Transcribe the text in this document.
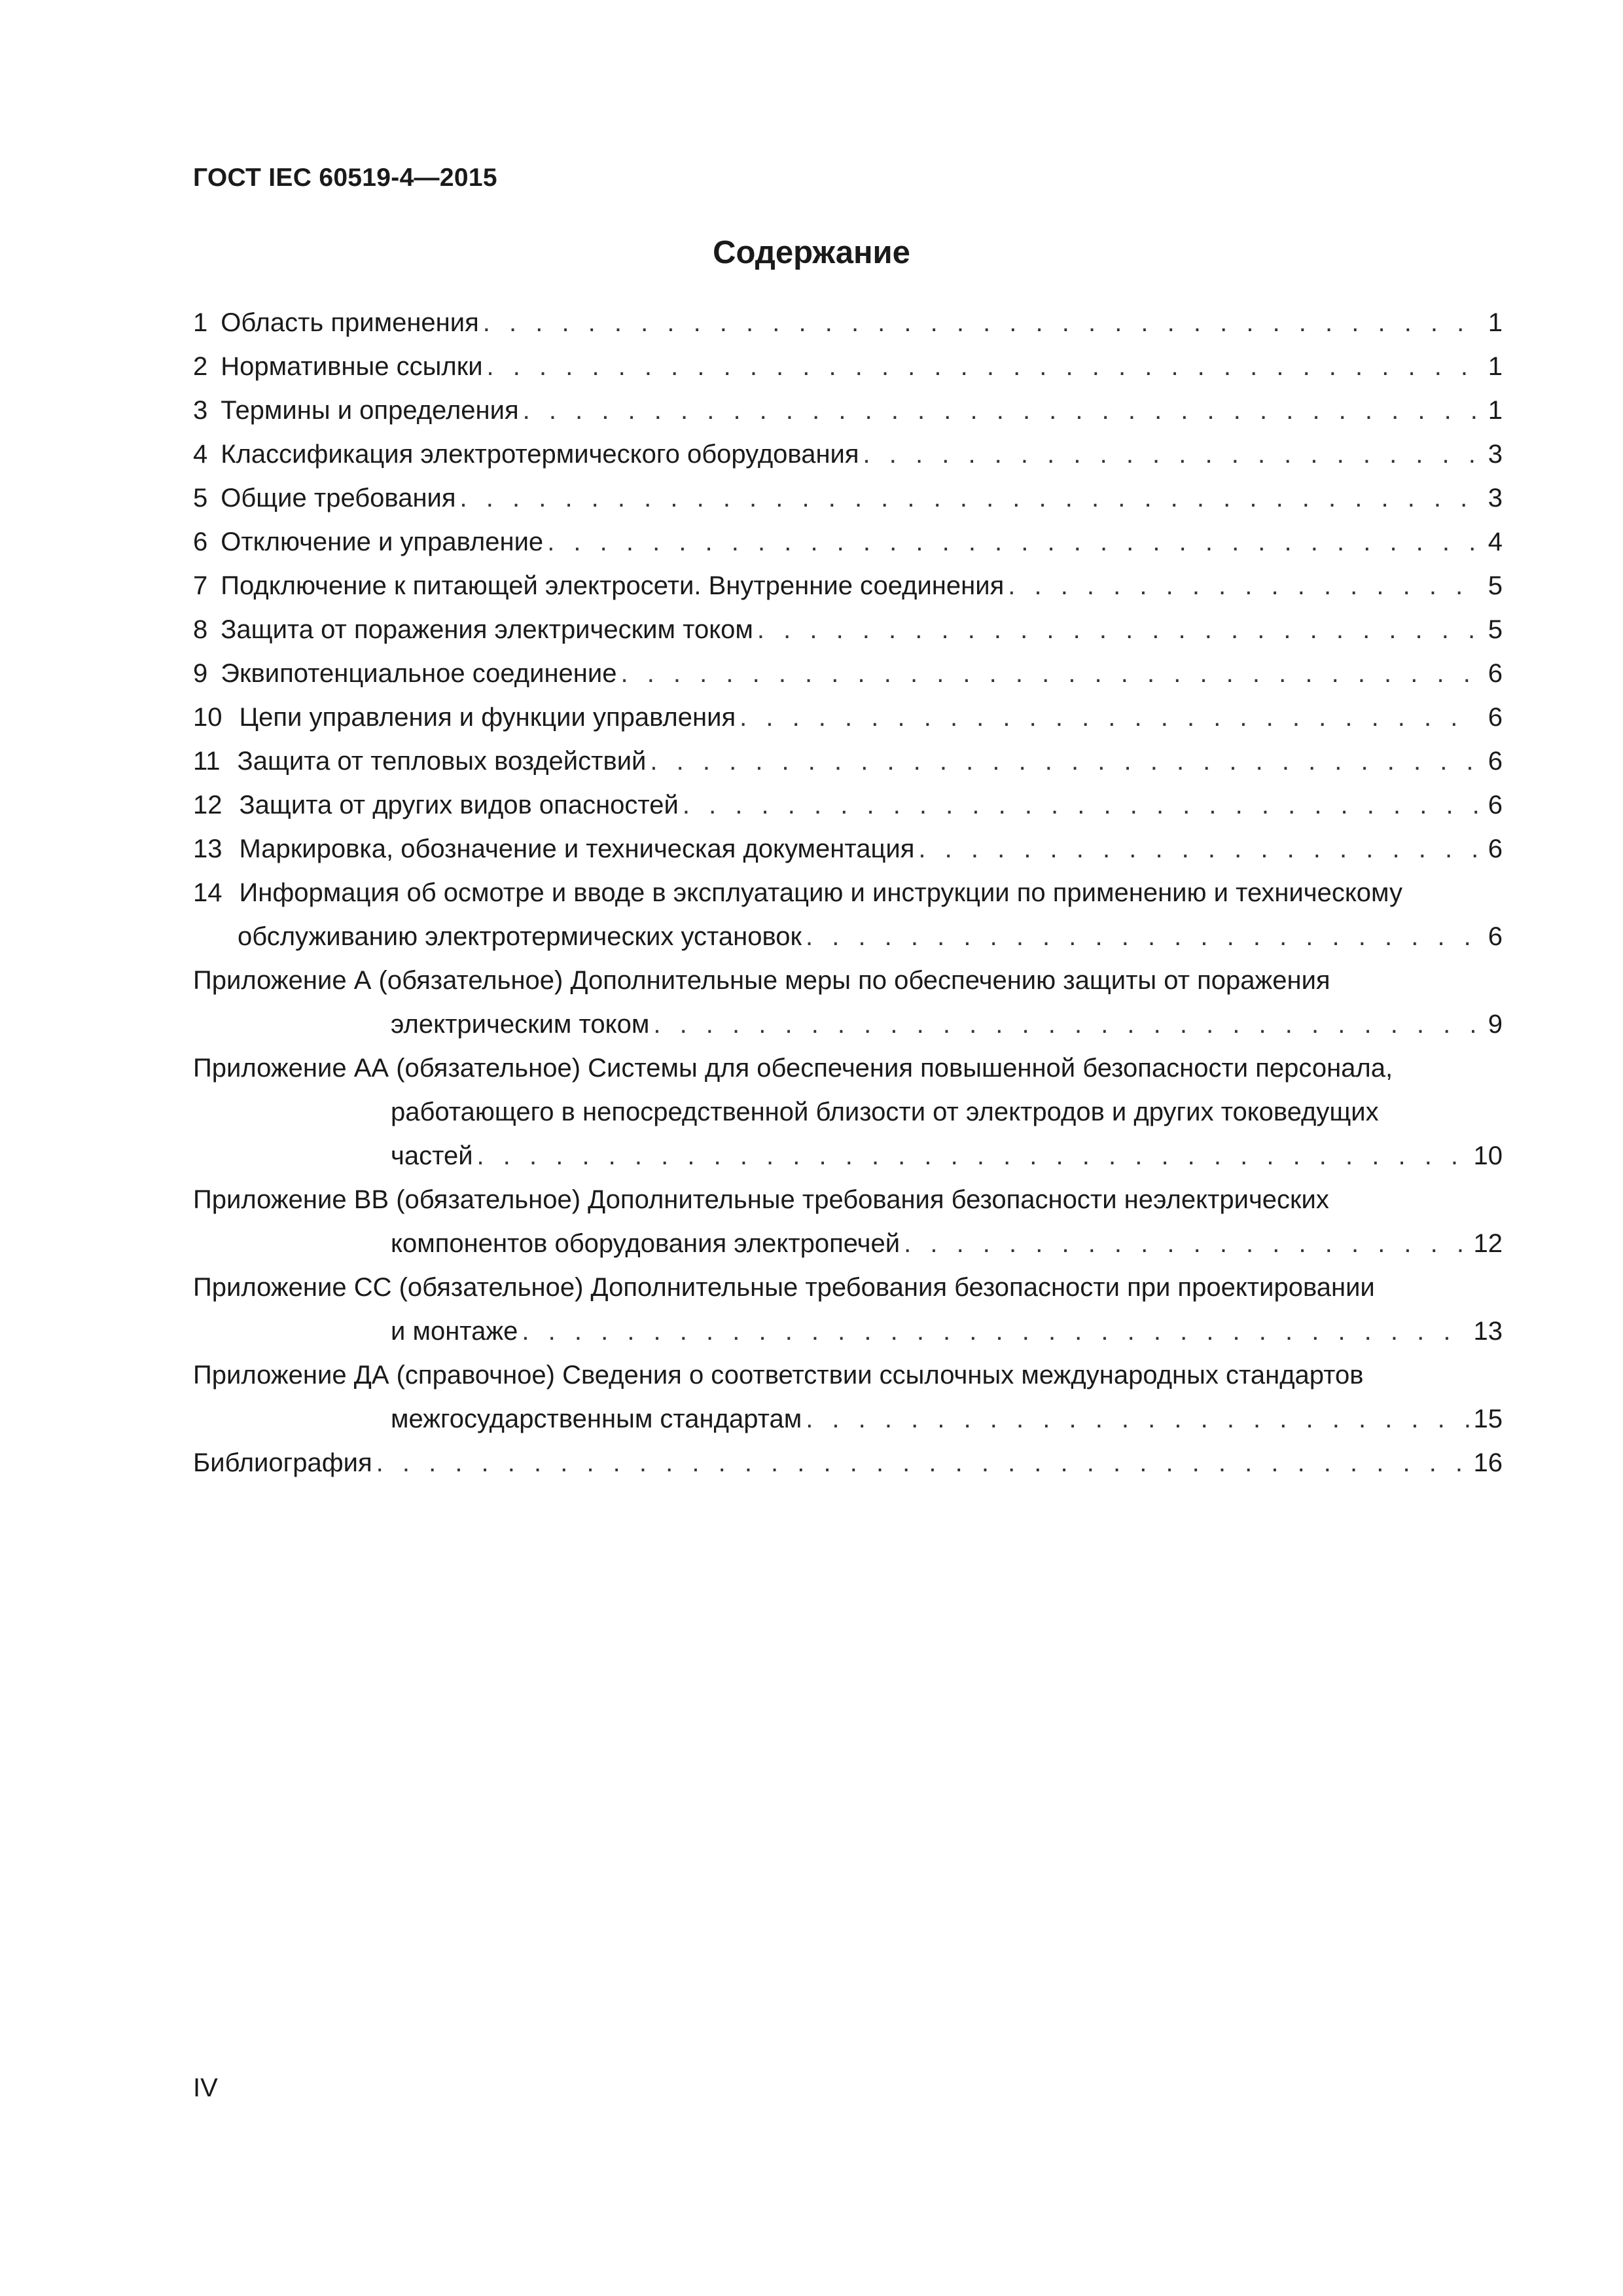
ГОСТ IEC 60519-4—2015
Содержание
1 Область применения . . .	1
2 Нормативные ссылки . . .	1
3 Термины и определения . . .	1
4 Классификация электротермического оборудования . . .	3
5 Общие требования . . .	3
6 Отключение и управление . . .	4
7 Подключение к питающей электросети. Внутренние соединения . . .	5
8 Защита от поражения электрическим током . . .	5
9 Эквипотенциальное соединение . . .	6
10 Цепи управления и функции управления . . .	6
11 Защита от тепловых воздействий . . .	6
12 Защита от других видов опасностей . . .	6
13 Маркировка, обозначение и техническая документация . . .	6
14 Информация об осмотре и вводе в эксплуатацию и инструкции по применению и техническому
обслуживанию электротермических установок . . .	6
Приложение А (обязательное) Дополнительные меры по обеспечению защиты от поражения
электрическим током . . .	9
Приложение АА (обязательное) Системы для обеспечения повышенной безопасности персонала,
работающего в непосредственной близости от электродов и других токоведущих
частей . . .	10
Приложение ВВ (обязательное) Дополнительные требования безопасности неэлектрических
компонентов оборудования электропечей . . .	12
Приложение СС (обязательное) Дополнительные требования безопасности при проектировании
и монтаже . . .	13
Приложение ДА (справочное) Сведения о соответствии ссылочных международных стандартов
межгосударственным стандартам . . .	15
Библиография . . .	16
IV
